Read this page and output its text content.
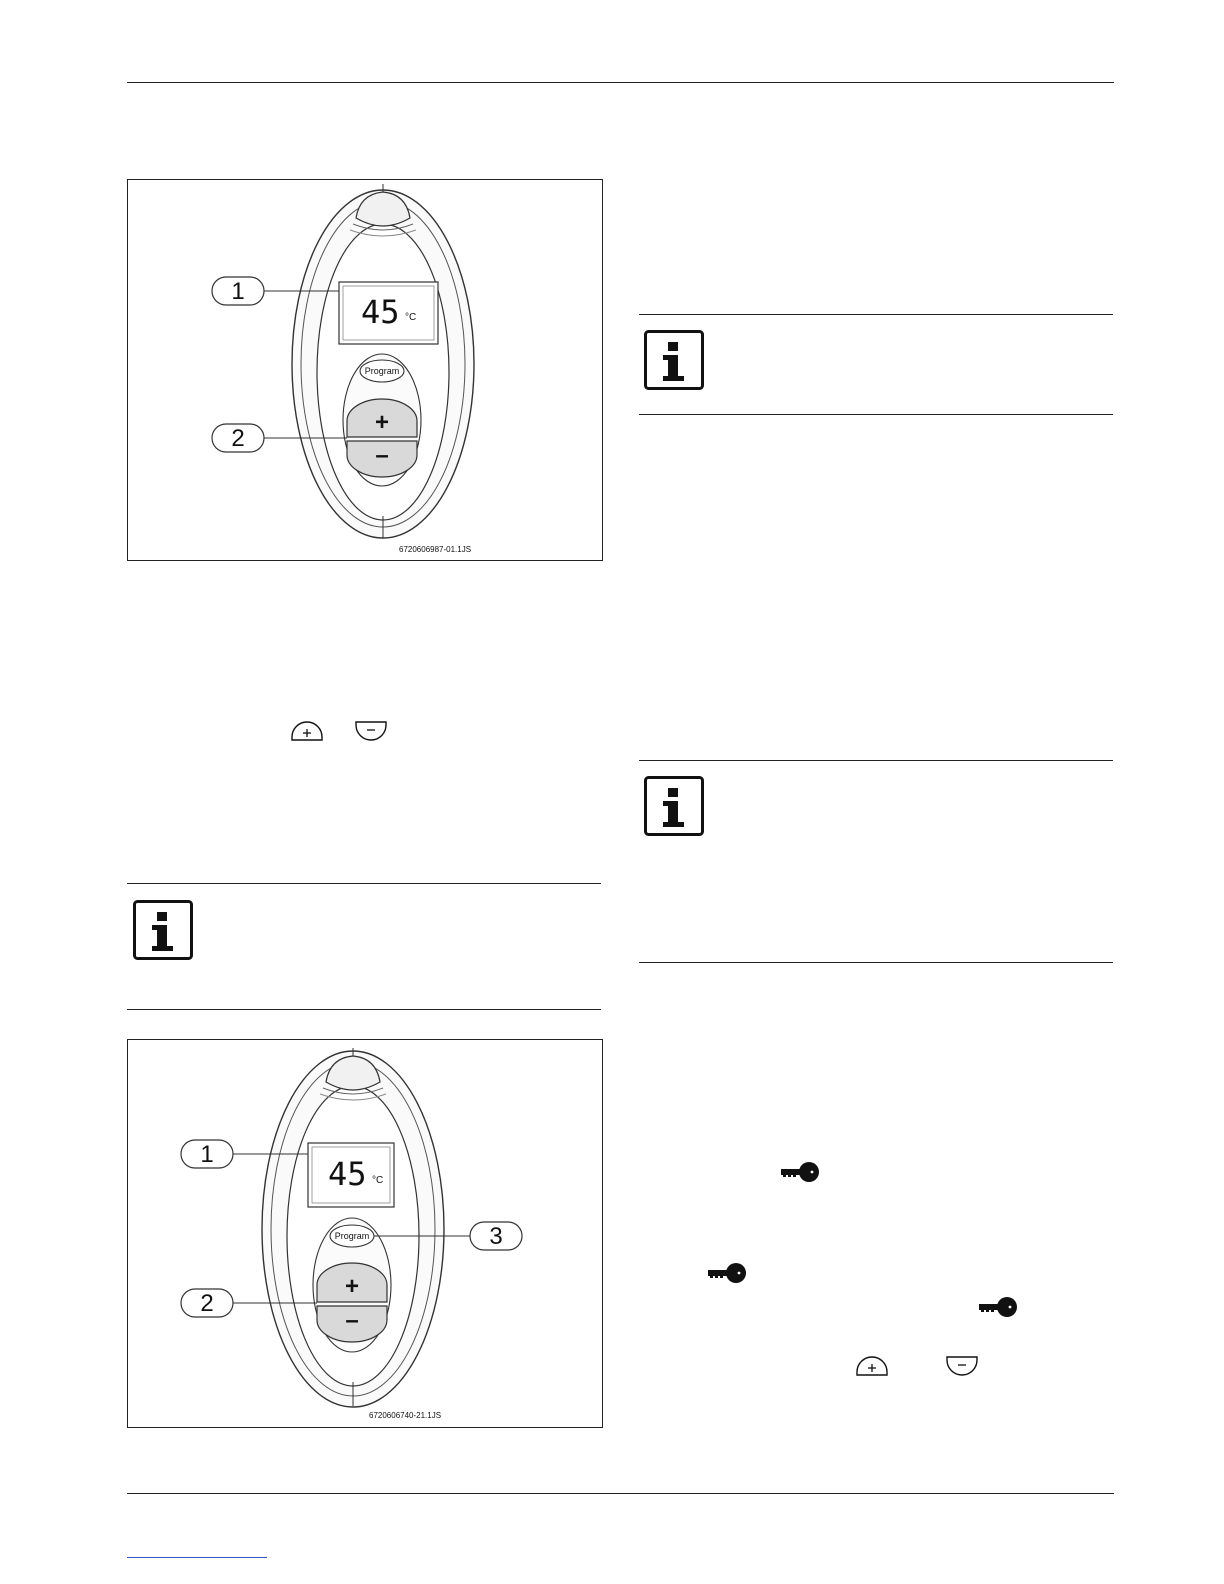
1
2
45 °C
Program
+
–
6720606987-01.1JS
1
2
3
45 °C
Program
+
–
6720606740-21.1JS
